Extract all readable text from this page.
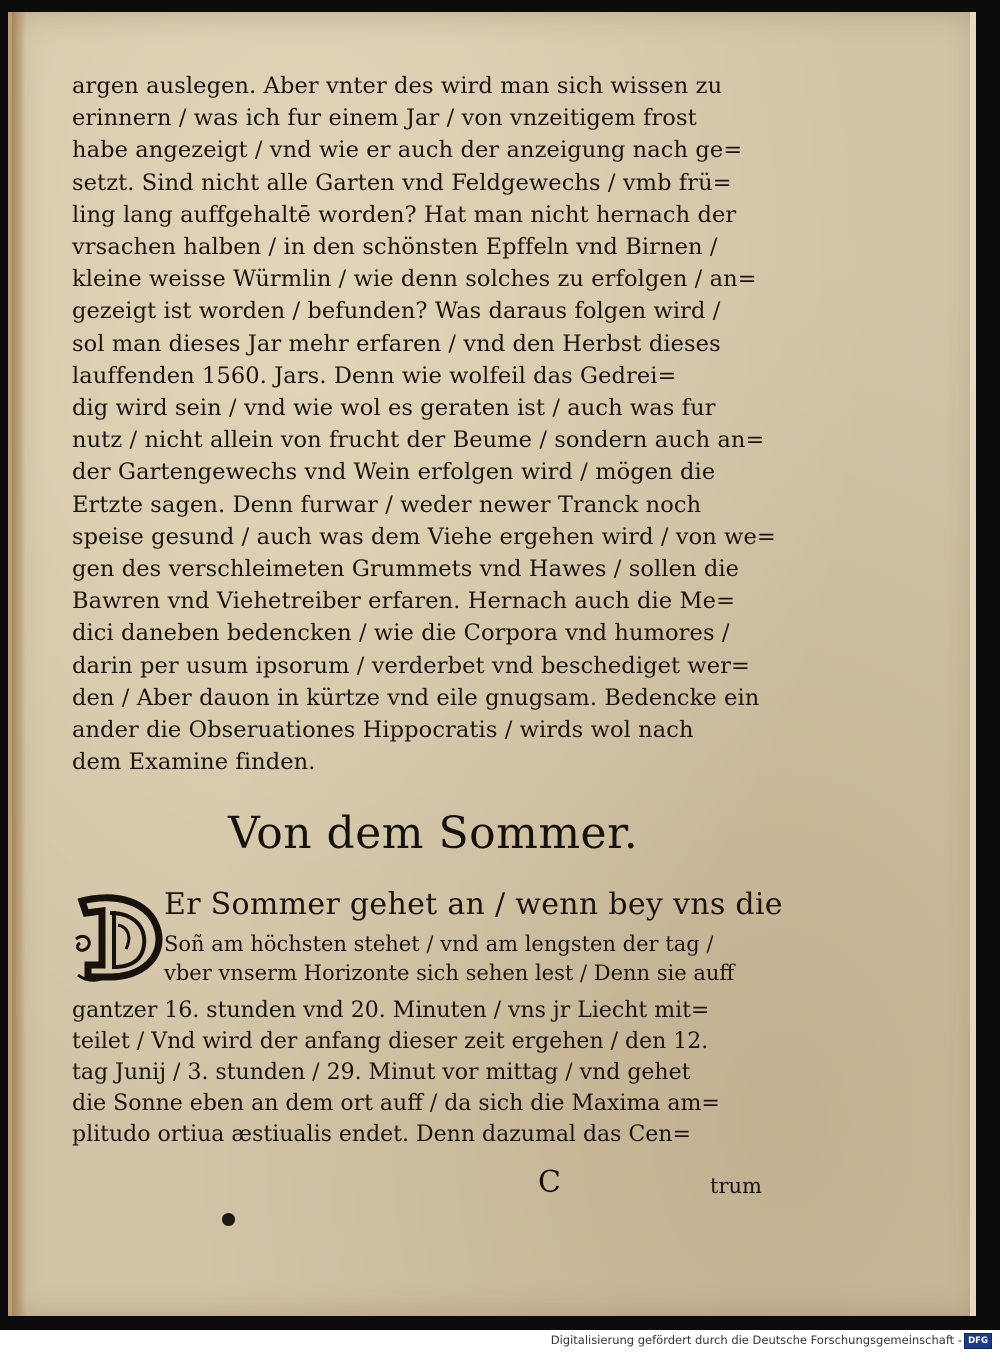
argen auslegen. Aber vnter des wird man sich wissen zu
erinnern / was ich fur einem Jar / von vnzeitigem frost
habe angezeigt / vnd wie er auch der anzeigung nach ge=
setzt. Sind nicht alle Garten vnd Feldgewechs / vmb frü=
ling lang auffgehaltē worden? Hat man nicht hernach der
vrsachen halben / in den schönsten Epffeln vnd Birnen /
kleine weisse Würmlin / wie denn solches zu erfolgen / an=
gezeigt ist worden / befunden? Was daraus folgen wird /
sol man dieses Jar mehr erfaren / vnd den Herbst dieses
lauffenden 1560. Jars. Denn wie wolfeil das Gedrei=
dig wird sein / vnd wie wol es geraten ist / auch was fur
nutz / nicht allein von frucht der Beume / sondern auch an=
der Gartengewechs vnd Wein erfolgen wird / mögen die
Ertzte sagen. Denn furwar / weder newer Tranck noch
speise gesund / auch was dem Viehe ergehen wird / von we=
gen des verschleimeten Grummets vnd Hawes / sollen die
Bawren vnd Viehetreiber erfaren. Hernach auch die Me=
dici daneben bedencken / wie die Corpora vnd humores /
darin per usum ipsorum / verderbet vnd beschediget wer=
den / Aber dauon in kürtze vnd eile gnugsam. Bedencke ein
ander die Obseruationes Hippocratis / wirds wol nach
dem Examine finden.
Von dem Sommer.
Er Sommer gehet an / wenn bey vns die
Soñ am höchsten stehet / vnd am lengsten der tag /
vber vnserm Horizonte sich sehen lest / Denn sie auff
gantzer 16. stunden vnd 20. Minuten / vns jr Liecht mit=
teilet / Vnd wird der anfang dieser zeit ergehen / den 12.
tag Junij / 3. stunden / 29. Minut vor mittag / vnd gehet
die Sonne eben an dem ort auff / da sich die Maxima am=
plitudo ortiua æstiualis endet. Denn dazumal das Cen=
C	trum
Digitalisierung gefördert durch die Deutsche Forschungsgemeinschaft - DFG
